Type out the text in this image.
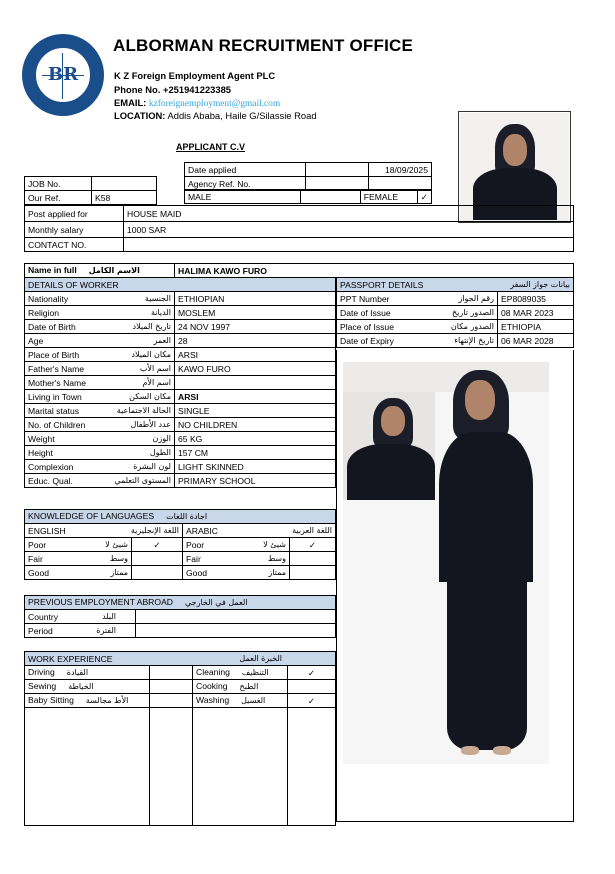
BR
ALBORMAN RECRUITMENT OFFICE
K Z Foreign Employment Agent PLC
Phone No. +251941223385
EMAIL: kzforeignemployment@gmail.com
LOCATION: Addis Ababa, Haile G/Silassie Road
APPLICANT C.V
Date applied		18/09/2025
Agency Ref. No.		
JOB No.	
Our Ref.	K58	MALE		FEMALE	✓
Post applied for	HOUSE MAID
Monthly salary	1000 SAR
CONTACT NO.	
Name in full الاسم الكامل	HALIMA KAWO FURO
DETAILS OF WORKER	
Nationality الجنسية	ETHIOPIAN
Religion الديانة	MOSLEM
Date of Birth تاريخ الميلاد	24 NOV 1997
Age العمر	28
Place of Birth مكان الميلاد	ARSI
Father's Name اسم الأب	KAWO FURO
Mother's Name اسم الأم	

Living in Town مكان السكن	ARSI
Marital status الحالة الاجتماعية	SINGLE
No. of Children عدد الأطفال	NO CHILDREN
Weight الوزن	65 KG
Height الطول	157 CM
Complexion لون البشرة	LIGHT SKINNED
Educ. Qual. المستوى التعلمي	PRIMARY SCHOOL
PASSPORT DETAILS بيانات جواز السفر	

PPT Number رقم الجواز	EP8089035
Date of Issue الصدور تاريخ	08 MAR 2023
Place of Issue الصدور مكان	ETHIOPIA
Date of Expiry تاريخ الإنتهاء	06 MAR 2028
KNOWLEDGE OF LANGUAGES اجادة اللغات			
ENGLISH اللغة الإنجليزية		ARABIC اللغة العربية	

Poor شيئ لا	✓	Poor شيئ لا	✓
Fair وسط		Fair وسط	

Good ممتاز		Good ممتاز	

PREVIOUS EMPLOYMENT ABROAD العمل في الخارجي	
Country البلد	

Period الفترة	

WORK EXPERIENCE الخبرة العمل			

Driving القيادة		Cleaning التنظيف	✓
Sewing الخياطة		Cooking الطبخ	
Baby Sitting الأط مجالسة		Washing الغسيل	✓
